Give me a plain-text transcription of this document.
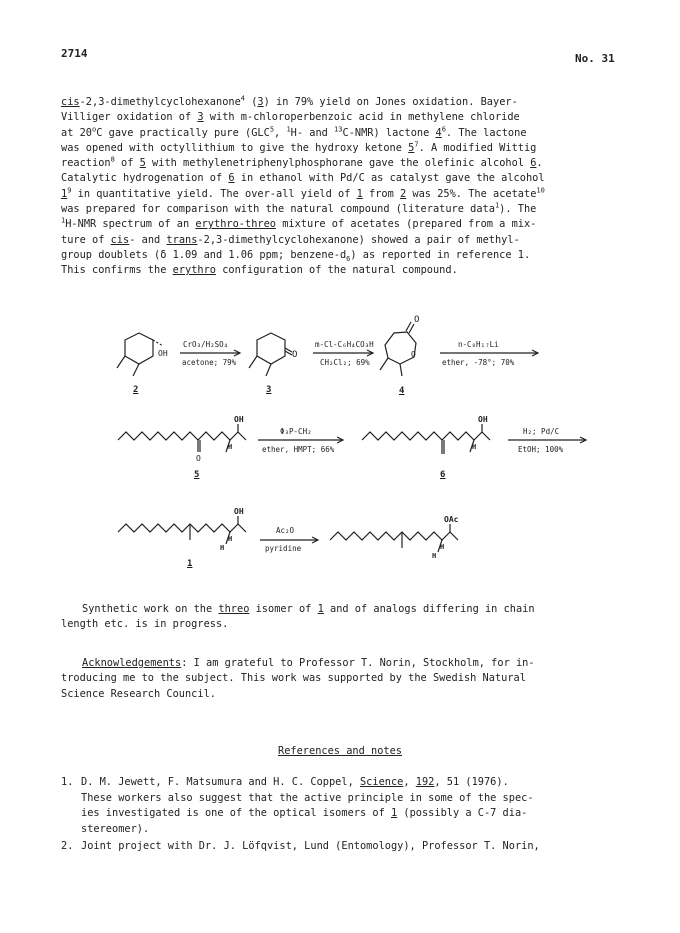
2714	No. 31
cis-2,3-dimethylcyclohexanone$^4$ (3) in 79% yield on Jones oxidation. Bayer-
Villiger oxidation of 3 with m-chloroperbenzoic acid in methylene chloride
at 20$^o$C gave practically pure (GLC$^5$, $^1$H- and $^{13}$C-NMR) lactone $4^6$. The lactone
was opened with octyllithium to give the hydroxy ketone $5^7$. A modified Wittig
reaction$^8$ of 5 with methylenetriphenylphosphorane gave the olefinic alcohol 6.
Catalytic hydrogenation of 6 in ethanol with Pd/C as catalyst gave the alcohol
$1^9$ in quantitative yield. The over-all yield of 1 from 2 was 25%. The acetate$^{10}$
was prepared for comparison with the natural compound (literature data$^1$). The
$^1$H-NMR spectrum of an erythro-threo mixture of acetates (prepared from a mix-
ture of cis- and trans-2,3-dimethylcyclohexanone) showed a pair of methyl-
group doublets (δ 1.09 and 1.06 ppm; benzene-$d_6$) as reported in reference 1.
This confirms the erythro configuration of the natural compound.
OH	O
O
O
OH
O
H
OH
H
OH
H
H
OAc
H
H
CrO₃/H₂SO₄
acetone; 79%
m-Cl-C₆H₄CO₃H
CH₂Cl₂; 69%
n-C₈H₁₇Li
ether, -78°; 70%
Φ₃P-CH₂
ether, HMPT; 66%
H₂; Pd/C
EtOH; 100%
Ac₂O
pyridine
2	3	4
5	6
1
Synthetic work on the threo isomer of 1 and of analogs differing in chain
length etc. is in progress.
Acknowledgements: I am grateful to Professor T. Norin, Stockholm, for in-
troducing me to the subject. This work was supported by the Swedish Natural
Science Research Council.
References and notes
1. D. M. Jewett, F. Matsumura and H. C. Coppel, Science, 192, 51 (1976).
These workers also suggest that the active principle in some of the spec-
ies investigated is one of the optical isomers of 1 (possibly a C-7 dia-
stereomer).
2. Joint project with Dr. J. Löfqvist, Lund (Entomology), Professor T. Norin,
